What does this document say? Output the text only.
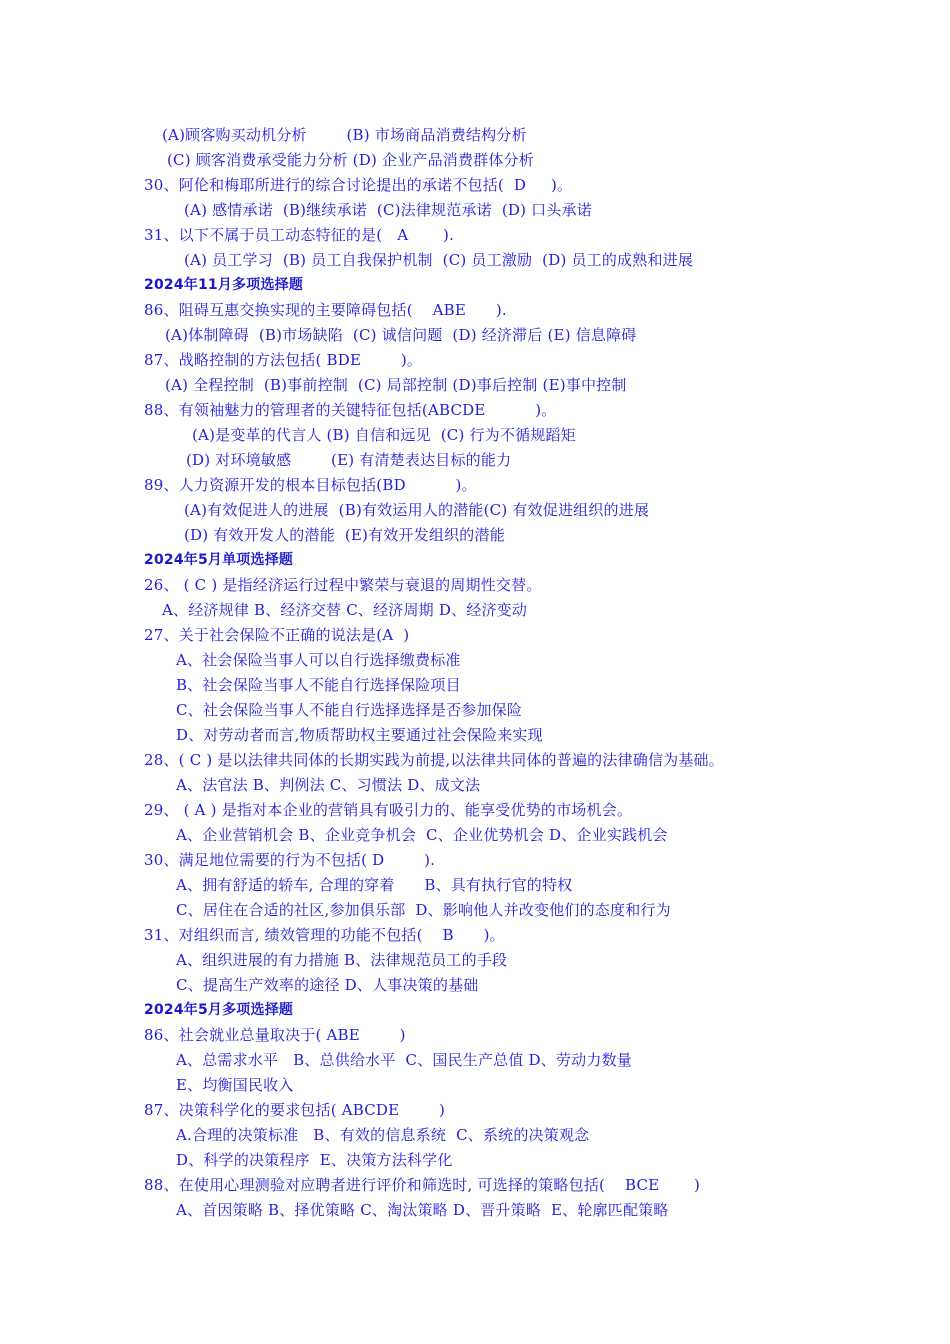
(A)顾客购买动机分析        (B) 市场商品消费结构分析
(C) 顾客消费承受能力分析 (D) 企业产品消费群体分析
30、阿伦和梅耶所进行的综合讨论提出的承诺不包括(  D     )。
(A) 感情承诺  (B)继续承诺  (C)法律规范承诺  (D) 口头承诺
31、以下不属于员工动态特征的是(   A       ).
(A) 员工学习  (B) 员工自我保护机制  (C) 员工激励  (D) 员工的成熟和进展
2024年11月多项选择题
86、阻碍互惠交换实现的主要障碍包括(    ABE      ).
(A)体制障碍  (B)市场缺陷  (C) 诚信问题  (D) 经济滞后 (E) 信息障碍
87、战略控制的方法包括( BDE        )。
(A) 全程控制  (B)事前控制  (C) 局部控制 (D)事后控制 (E)事中控制
88、有领袖魅力的管理者的关键特征包括(ABCDE          )。
(A)是变革的代言人 (B) 自信和远见  (C) 行为不循规蹈矩
(D) 对环境敏感        (E) 有清楚表达目标的能力
89、人力资源开发的根本目标包括(BD          )。
(A)有效促进人的进展  (B)有效运用人的潜能(C) 有效促进组织的进展
(D) 有效开发人的潜能  (E)有效开发组织的潜能
2024年5月单项选择题
26、 ( C ) 是指经济运行过程中繁荣与衰退的周期性交替。
A、经济规律 B、经济交替 C、经济周期 D、经济变动
27、关于社会保险不正确的说法是(A  )
A、社会保险当事人可以自行选择缴费标准
B、社会保险当事人不能自行选择保险项目
C、社会保险当事人不能自行选择选择是否参加保险
D、对劳动者而言,物质帮助权主要通过社会保险来实现
28、( C ) 是以法律共同体的长期实践为前提,以法律共同体的普遍的法律确信为基础。
A、法官法 B、判例法 C、习惯法 D、成文法
29、 ( A ) 是指对本企业的营销具有吸引力的、能享受优势的市场机会。
A、企业营销机会 B、企业竞争机会  C、企业优势机会 D、企业实践机会
30、满足地位需要的行为不包括( D        ).
A、拥有舒适的轿车, 合理的穿着      B、具有执行官的特权
C、居住在合适的社区,参加俱乐部  D、影响他人并改变他们的态度和行为
31、对组织而言, 绩效管理的功能不包括(    B      )。
A、组织进展的有力措施 B、法律规范员工的手段
C、提高生产效率的途径 D、人事决策的基础
2024年5月多项选择题
86、社会就业总量取决于( ABE        )
A、总需求水平   B、总供给水平  C、国民生产总值 D、劳动力数量
E、均衡国民收入
87、决策科学化的要求包括( ABCDE        )
A.合理的决策标准   B、有效的信息系统  C、系统的决策观念
D、科学的决策程序  E、决策方法科学化
88、在使用心理测验对应聘者进行评价和筛选时, 可选择的策略包括(    BCE       )
A、首因策略 B、择优策略 C、淘汰策略 D、晋升策略  E、轮廓匹配策略
